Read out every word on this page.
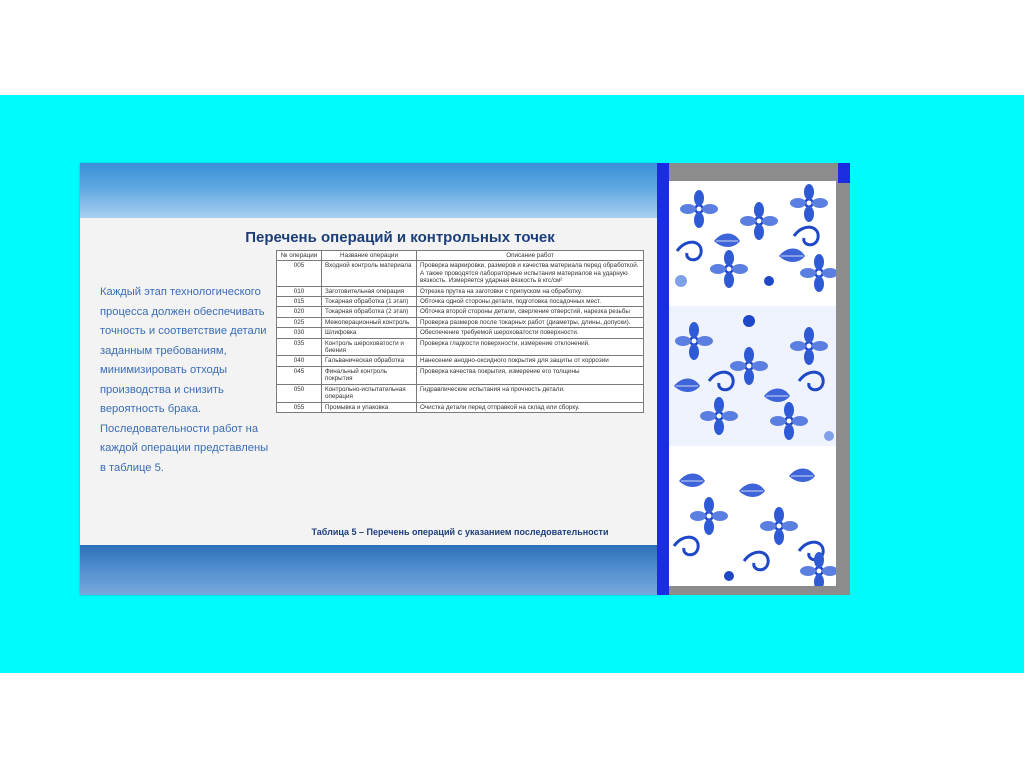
Перечень операций и контрольных точек
Каждый этап технологического процесса должен обеспечивать точность и соответствие детали заданным требованиям, минимизировать отходы производства и снизить вероятность брака. Последовательности работ на каждой операции представлены в таблице 5.
№ операции	Название операции	Описание работ
005	Входной контроль материала	Проверка маркировки, размеров и качества материала перед обработкой. А также проводятся лабораторные испытания материалов на ударную вязкость. Измеряется ударная вязкость в кгс/см²
010	Заготовительная операция	Отрезка прутка на заготовки с припуском на обработку.
015	Токарная обработка (1 этап)	Обточка одной стороны детали, подготовка посадочных мест.
020	Токарная обработка (2 этап)	Обточка второй стороны детали, сверление отверстий, нарезка резьбы
025	Межоперационный контроль	Проверка размеров после токарных работ (диаметры, длины, допуски).
030	Шлифовка	Обеспечение требуемой шероховатости поверхности.
035	Контроль шероховатости и биения	Проверка гладкости поверхности, измерение отклонений.
040	Гальваническая обработка	Нанесение анодно-оксидного покрытия для защиты от коррозии
045	Финальный контроль покрытия	Проверка качества покрытия, измерение его толщины
050	Контрольно-испытательная операция	Гидравлические испытания на прочность детали.
055	Промывка и упаковка	Очистка детали перед отправкой на склад или сборку.
Таблица 5 – Перечень операций с указанием последовательности
